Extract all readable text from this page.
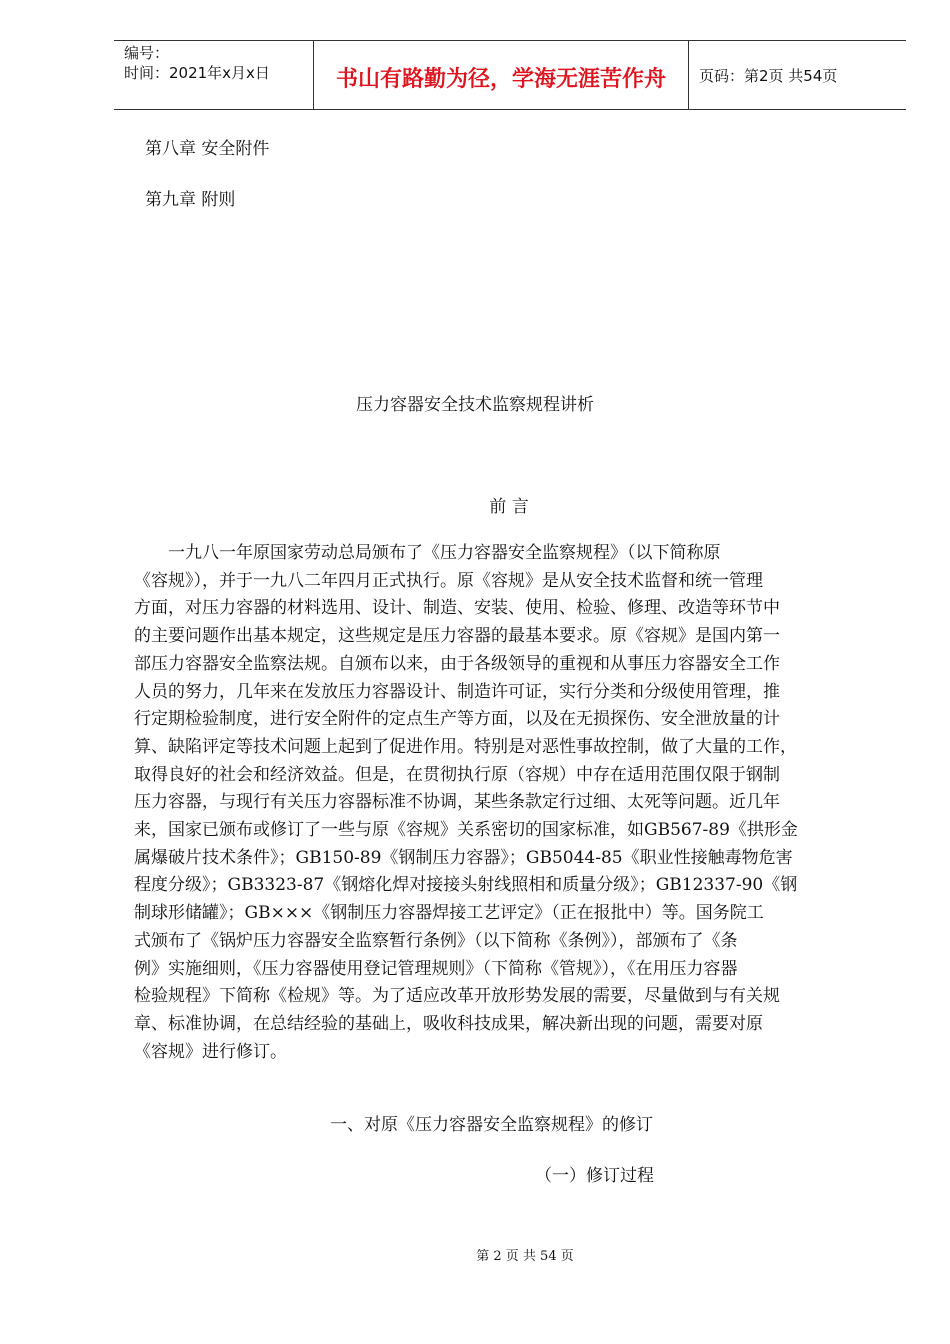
编号：
时间：2021年x月x日	书山有路勤为径，学海无涯苦作舟	页码：第2页 共54页
第八章 安全附件
第九章 附则
压力容器安全技术监察规程讲析
前 言
　　一九八一年原国家劳动总局颁布了《压力容器安全监察规程》（以下简称原
《容规》），并于一九八二年四月正式执行。原《容规》是从安全技术监督和统一管理
方面，对压力容器的材料选用、设计、制造、安装、使用、检验、修理、改造等环节中
的主要问题作出基本规定，这些规定是压力容器的最基本要求。原《容规》是国内第一
部压力容器安全监察法规。自颁布以来，由于各级领导的重视和从事压力容器安全工作
人员的努力，几年来在发放压力容器设计、制造许可证，实行分类和分级使用管理，推
行定期检验制度，进行安全附件的定点生产等方面，以及在无损探伤、安全泄放量的计
算、缺陷评定等技术问题上起到了促进作用。特别是对恶性事故控制，做了大量的工作，
取得良好的社会和经济效益。但是，在贯彻执行原（容规）中存在适用范围仅限于钢制
压力容器，与现行有关压力容器标准不协调，某些条款定行过细、太死等问题。近几年
来，国家已颁布或修订了一些与原《容规》关系密切的国家标准，如GB567-89《拱形金
属爆破片技术条件》；GB150-89《钢制压力容器》；GB5044-85《职业性接触毒物危害
程度分级》；GB3323-87《钢熔化焊对接接头射线照相和质量分级》；GB12337-90《钢
制球形储罐》；GB×××《钢制压力容器焊接工艺评定》（正在报批中）等。国务院工
式颁布了《锅炉压力容器安全监察暂行条例》（以下简称《条例》），部颁布了《条
例》实施细则，《压力容器使用登记管理规则》（下简称《管规》），《在用压力容器
检验规程》下简称《检规》等。为了适应改革开放形势发展的需要，尽量做到与有关规
章、标准协调，在总结经验的基础上，吸收科技成果，解决新出现的问题，需要对原
《容规》进行修订。
一、对原《压力容器安全监察规程》的修订
（一）修订过程
第 2 页 共 54 页
